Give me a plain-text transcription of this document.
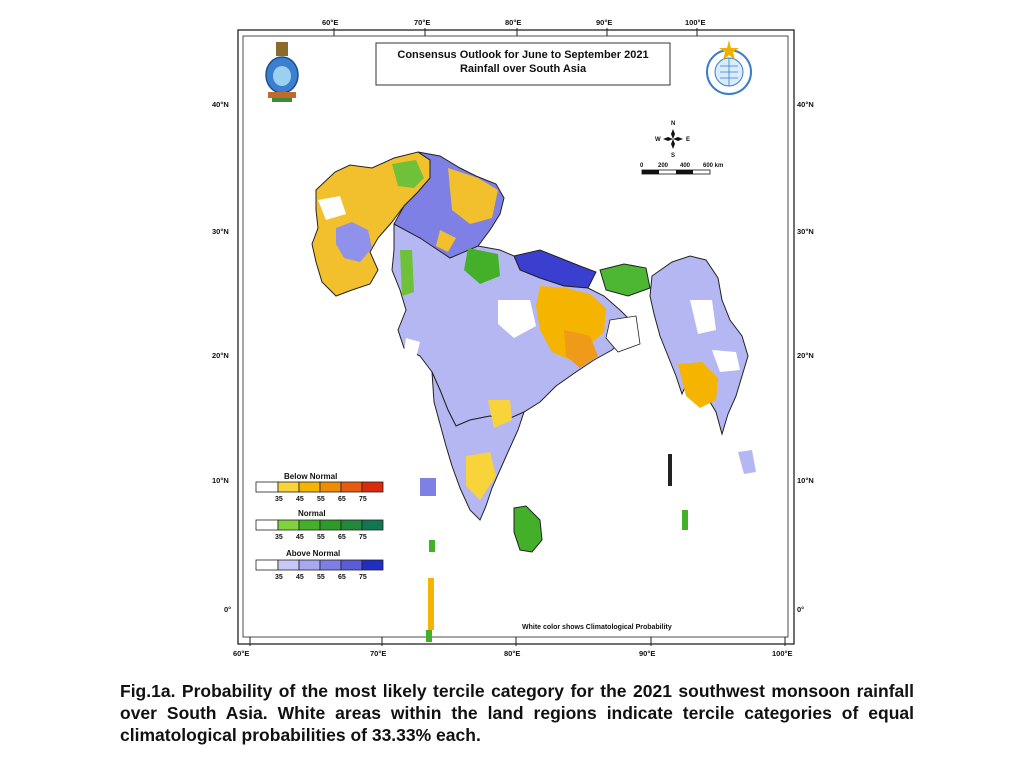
60°E	70°E	80°E	90°E	100°E
60°E	70°E	80°E	90°E	100°E
40°N
30°N
20°N
10°N
0°
40°N
30°N
20°N
10°N
0°
Consensus Outlook for June to September 2021
Rainfall over South Asia
N
S
E
W
0 200 400 600 km
Below Normal
35 45 55 65 75
Normal
35 45 55 65 75
Above Normal
35 45 55 65 75
White color shows Climatological Probability
Fig.1a. Probability of the most likely tercile category for the 2021 southwest monsoon rainfall over South Asia. White areas within the land regions indicate tercile categories of equal climatological probabilities of 33.33% each.
